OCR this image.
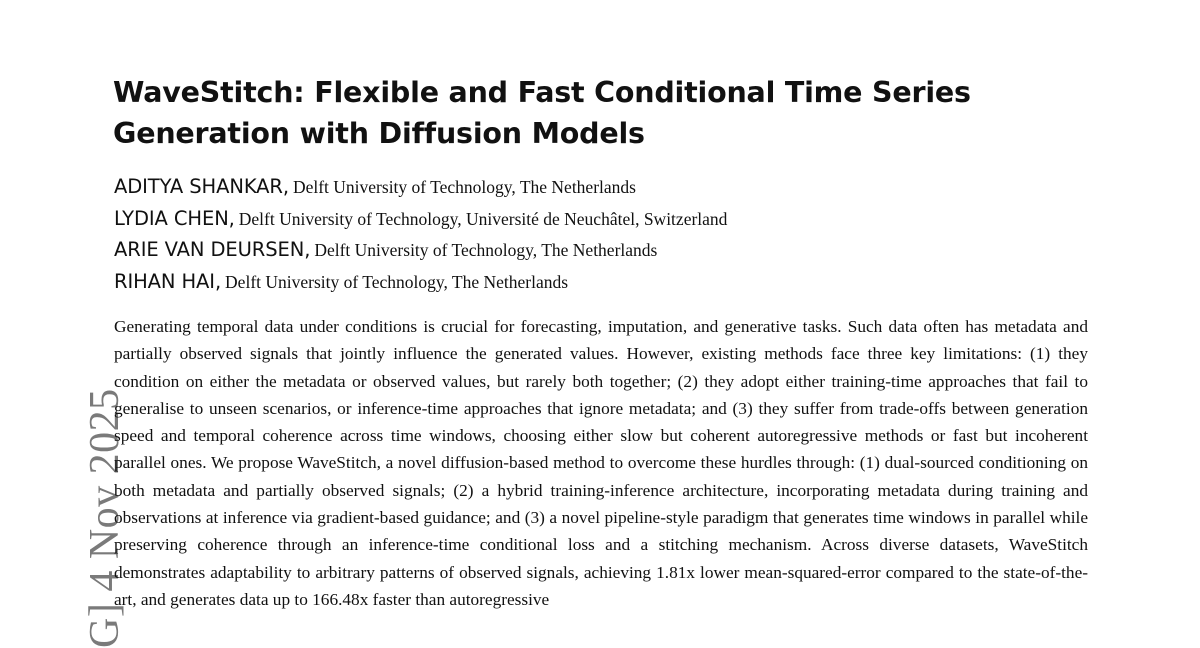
G] 4 Nov 2025
WaveStitch: Flexible and Fast Conditional Time Series Generation with Diffusion Models
ADITYA SHANKAR, Delft University of Technology, The Netherlands
LYDIA CHEN, Delft University of Technology, Université de Neuchâtel, Switzerland
ARIE VAN DEURSEN, Delft University of Technology, The Netherlands
RIHAN HAI, Delft University of Technology, The Netherlands

Generating temporal data under conditions is crucial for forecasting, imputation, and generative tasks. Such data often has metadata and partially observed signals that jointly influence the generated values. However, existing methods face three key limitations: (1) they condition on either the metadata or observed values, but rarely both together; (2) they adopt either training-time approaches that fail to generalise to unseen scenarios, or inference-time approaches that ignore metadata; and (3) they suffer from trade-offs between generation speed and temporal coherence across time windows, choosing either slow but coherent autoregressive methods or fast but incoherent parallel ones. We propose WaveStitch, a novel diffusion-based method to overcome these hurdles through: (1) dual-sourced conditioning on both metadata and partially observed signals; (2) a hybrid training-inference architecture, incorporating metadata during training and observations at inference via gradient-based guidance; and (3) a novel pipeline-style paradigm that generates time windows in parallel while preserving coherence through an inference-time conditional loss and a stitching mechanism. Across diverse datasets, WaveStitch demonstrates adaptability to arbitrary patterns of observed signals, achieving 1.81x lower mean-squared-error compared to the state-of-the-art, and generates data up to 166.48x faster than autoregressive
